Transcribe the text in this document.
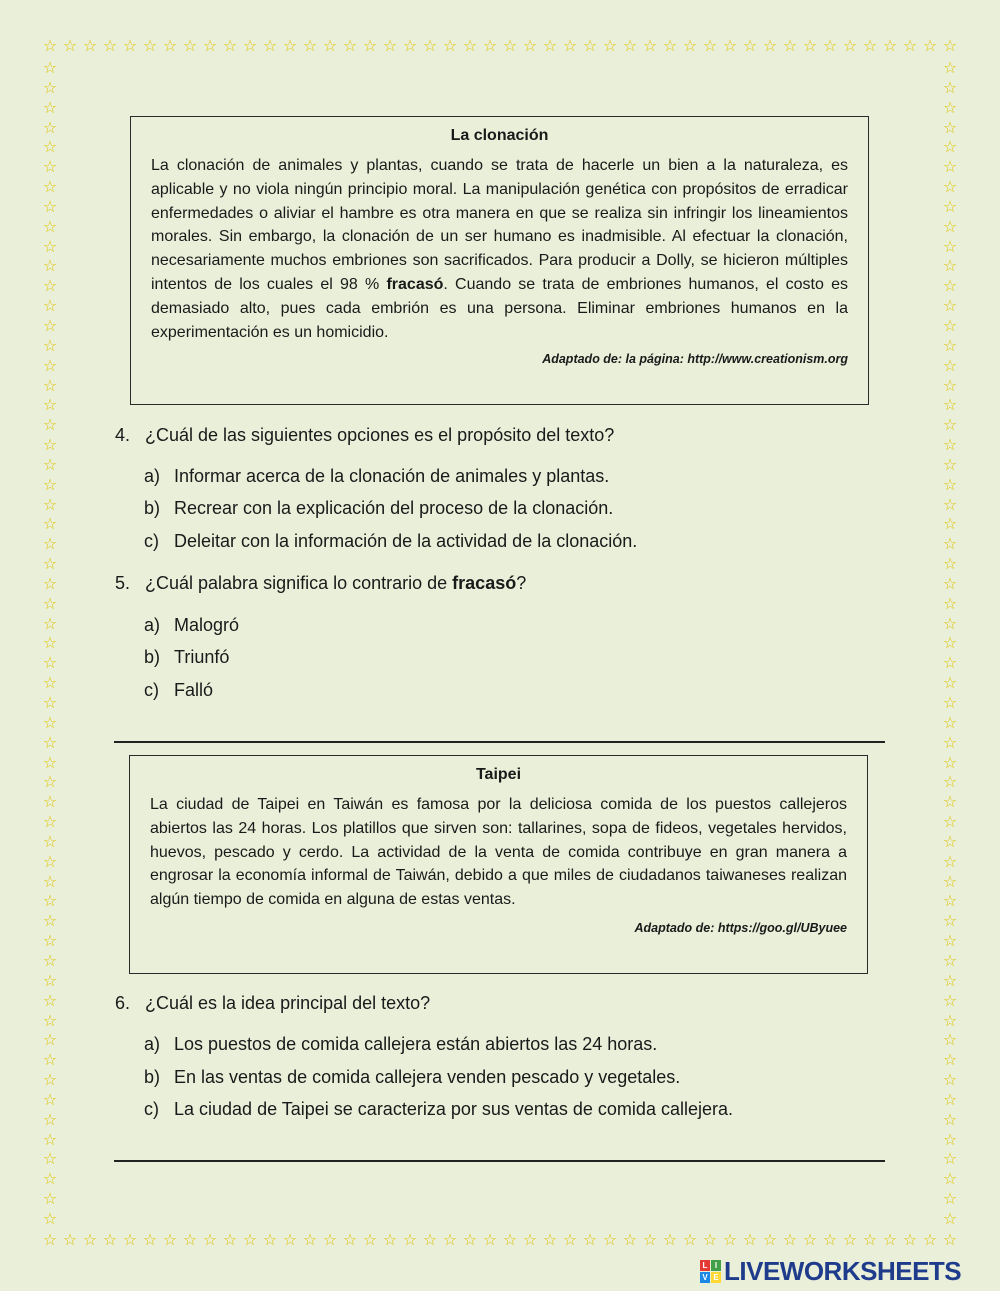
☆ ☆ ☆ ☆ ☆ ☆ ☆ ☆ ☆ ☆ ☆ ☆ ☆ ☆ ☆ ☆ ☆ ☆ ☆ ☆ ☆ ☆ ☆ ☆ ☆ ☆ ☆ ☆ ☆ ☆ ☆ ☆ ☆ ☆ ☆ ☆ ☆ ☆ ☆ ☆ ☆ ☆ ☆ ☆ ☆ ☆
☆ ☆ ☆ ☆ ☆ ☆ ☆ ☆ ☆ ☆ ☆ ☆ ☆ ☆ ☆ ☆ ☆ ☆ ☆ ☆ ☆ ☆ ☆ ☆ ☆ ☆ ☆ ☆ ☆ ☆ ☆ ☆ ☆ ☆ ☆ ☆ ☆ ☆ ☆ ☆ ☆ ☆ ☆ ☆ ☆ ☆
☆
☆
☆
☆
☆
☆
☆
☆
☆
☆
☆
☆
☆
☆
☆
☆
☆
☆
☆
☆
☆
☆
☆
☆
☆
☆
☆
☆
☆
☆
☆
☆
☆
☆
☆
☆
☆
☆
☆
☆
☆
☆
☆
☆
☆
☆
☆
☆
☆
☆
☆
☆
☆
☆
☆
☆
☆
☆
☆
☆
☆
☆
☆
☆
☆
☆
☆
☆
☆
☆
☆
☆
☆
☆
☆
☆
☆
☆
☆
☆
☆
☆
☆
☆
☆
☆
☆
☆
☆
☆
☆
☆
☆
☆
☆
☆
☆
☆
☆
☆
☆
☆
☆
☆
☆
☆
☆
☆
☆
☆
☆
☆
☆
☆
☆
☆
☆
☆
La clonación
La clonación de animales y plantas, cuando se trata de hacerle un bien a la naturaleza, es aplicable y no viola ningún principio moral. La manipulación genética con propósitos de erradicar enfermedades o aliviar el hambre es otra manera en que se realiza sin infringir los lineamientos morales. Sin embargo, la clonación de un ser humano es inadmisible. Al efectuar la clonación, necesariamente muchos embriones son sacrificados. Para producir a Dolly, se hicieron múltiples intentos de los cuales el 98 % fracasó. Cuando se trata de embriones humanos, el costo es demasiado alto, pues cada embrión es una persona. Eliminar embriones humanos en la experimentación es un homicidio.
Adaptado de: la página: http://www.creationism.org
4. ¿Cuál de las siguientes opciones es el propósito del texto?
a) Informar acerca de la clonación de animales y plantas.
b) Recrear con la explicación del proceso de la clonación.
c) Deleitar con la información de la actividad de la clonación.
5. ¿Cuál palabra significa lo contrario de fracasó?
a) Malogró
b) Triunfó
c) Falló
Taipei
La ciudad de Taipei en Taiwán es famosa por la deliciosa comida de los puestos callejeros abiertos las 24 horas. Los platillos que sirven son: tallarines, sopa de fideos, vegetales hervidos, huevos, pescado y cerdo. La actividad de la venta de comida contribuye en gran manera a engrosar la economía informal de Taiwán, debido a que miles de ciudadanos taiwaneses realizan algún tiempo de comida en alguna de estas ventas.
Adaptado de: https://goo.gl/UByuee
6. ¿Cuál es la idea principal del texto?
a) Los puestos de comida callejera están abiertos las 24 horas.
b) En las ventas de comida callejera venden pescado y vegetales.
c) La ciudad de Taipei se caracteriza por sus ventas de comida callejera.
L I
V E LIVEWORKSHEETS
